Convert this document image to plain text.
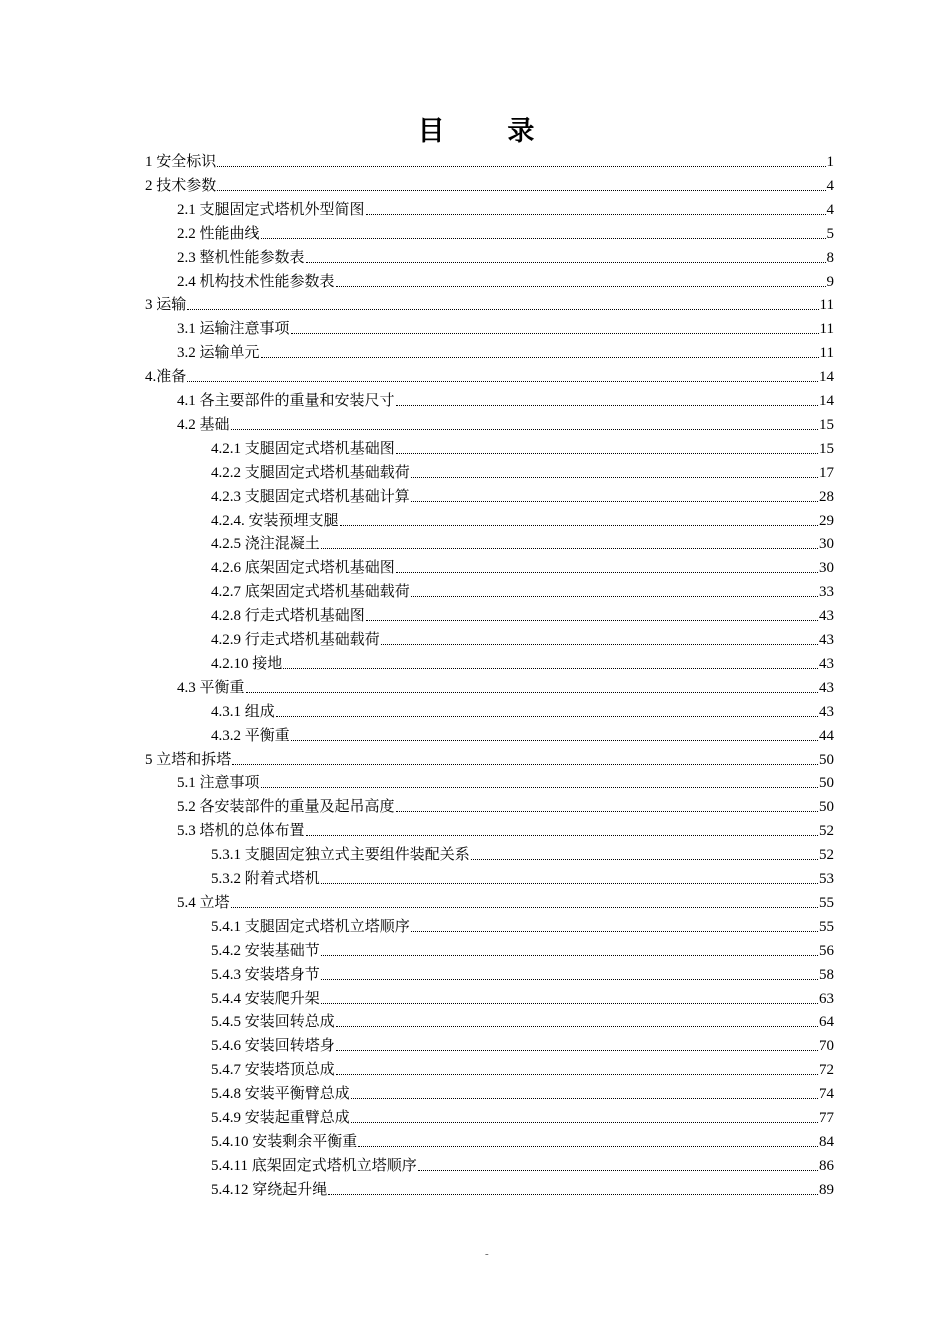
目 录
1 安全标识	1
2 技术参数	4
2.1 支腿固定式塔机外型简图	4
2.2 性能曲线	5
2.3 整机性能参数表	8
2.4 机构技术性能参数表	9
3 运输	11
3.1 运输注意事项	11
3.2 运输单元	11
4.准备	14
4.1 各主要部件的重量和安装尺寸	14
4.2 基础	15
4.2.1 支腿固定式塔机基础图	15
4.2.2 支腿固定式塔机基础载荷	17
4.2.3 支腿固定式塔机基础计算	28
4.2.4. 安装预埋支腿	29
4.2.5 浇注混凝土	30
4.2.6 底架固定式塔机基础图	30
4.2.7 底架固定式塔机基础载荷	33
4.2.8 行走式塔机基础图	43
4.2.9 行走式塔机基础载荷	43
4.2.10 接地	43
4.3 平衡重	43
4.3.1 组成	43
4.3.2 平衡重	44
5 立塔和拆塔	50
5.1 注意事项	50
5.2 各安装部件的重量及起吊高度	50
5.3 塔机的总体布置	52
5.3.1 支腿固定独立式主要组件装配关系	52
5.3.2 附着式塔机	53
5.4 立塔	55
5.4.1 支腿固定式塔机立塔顺序	55
5.4.2 安装基础节	56
5.4.3 安装塔身节	58
5.4.4 安装爬升架	63
5.4.5 安装回转总成	64
5.4.6 安装回转塔身	70
5.4.7 安装塔顶总成	72
5.4.8 安装平衡臂总成	74
5.4.9 安装起重臂总成	77
5.4.10 安装剩余平衡重	84
5.4.11 底架固定式塔机立塔顺序	86
5.4.12 穿绕起升绳	89
-
